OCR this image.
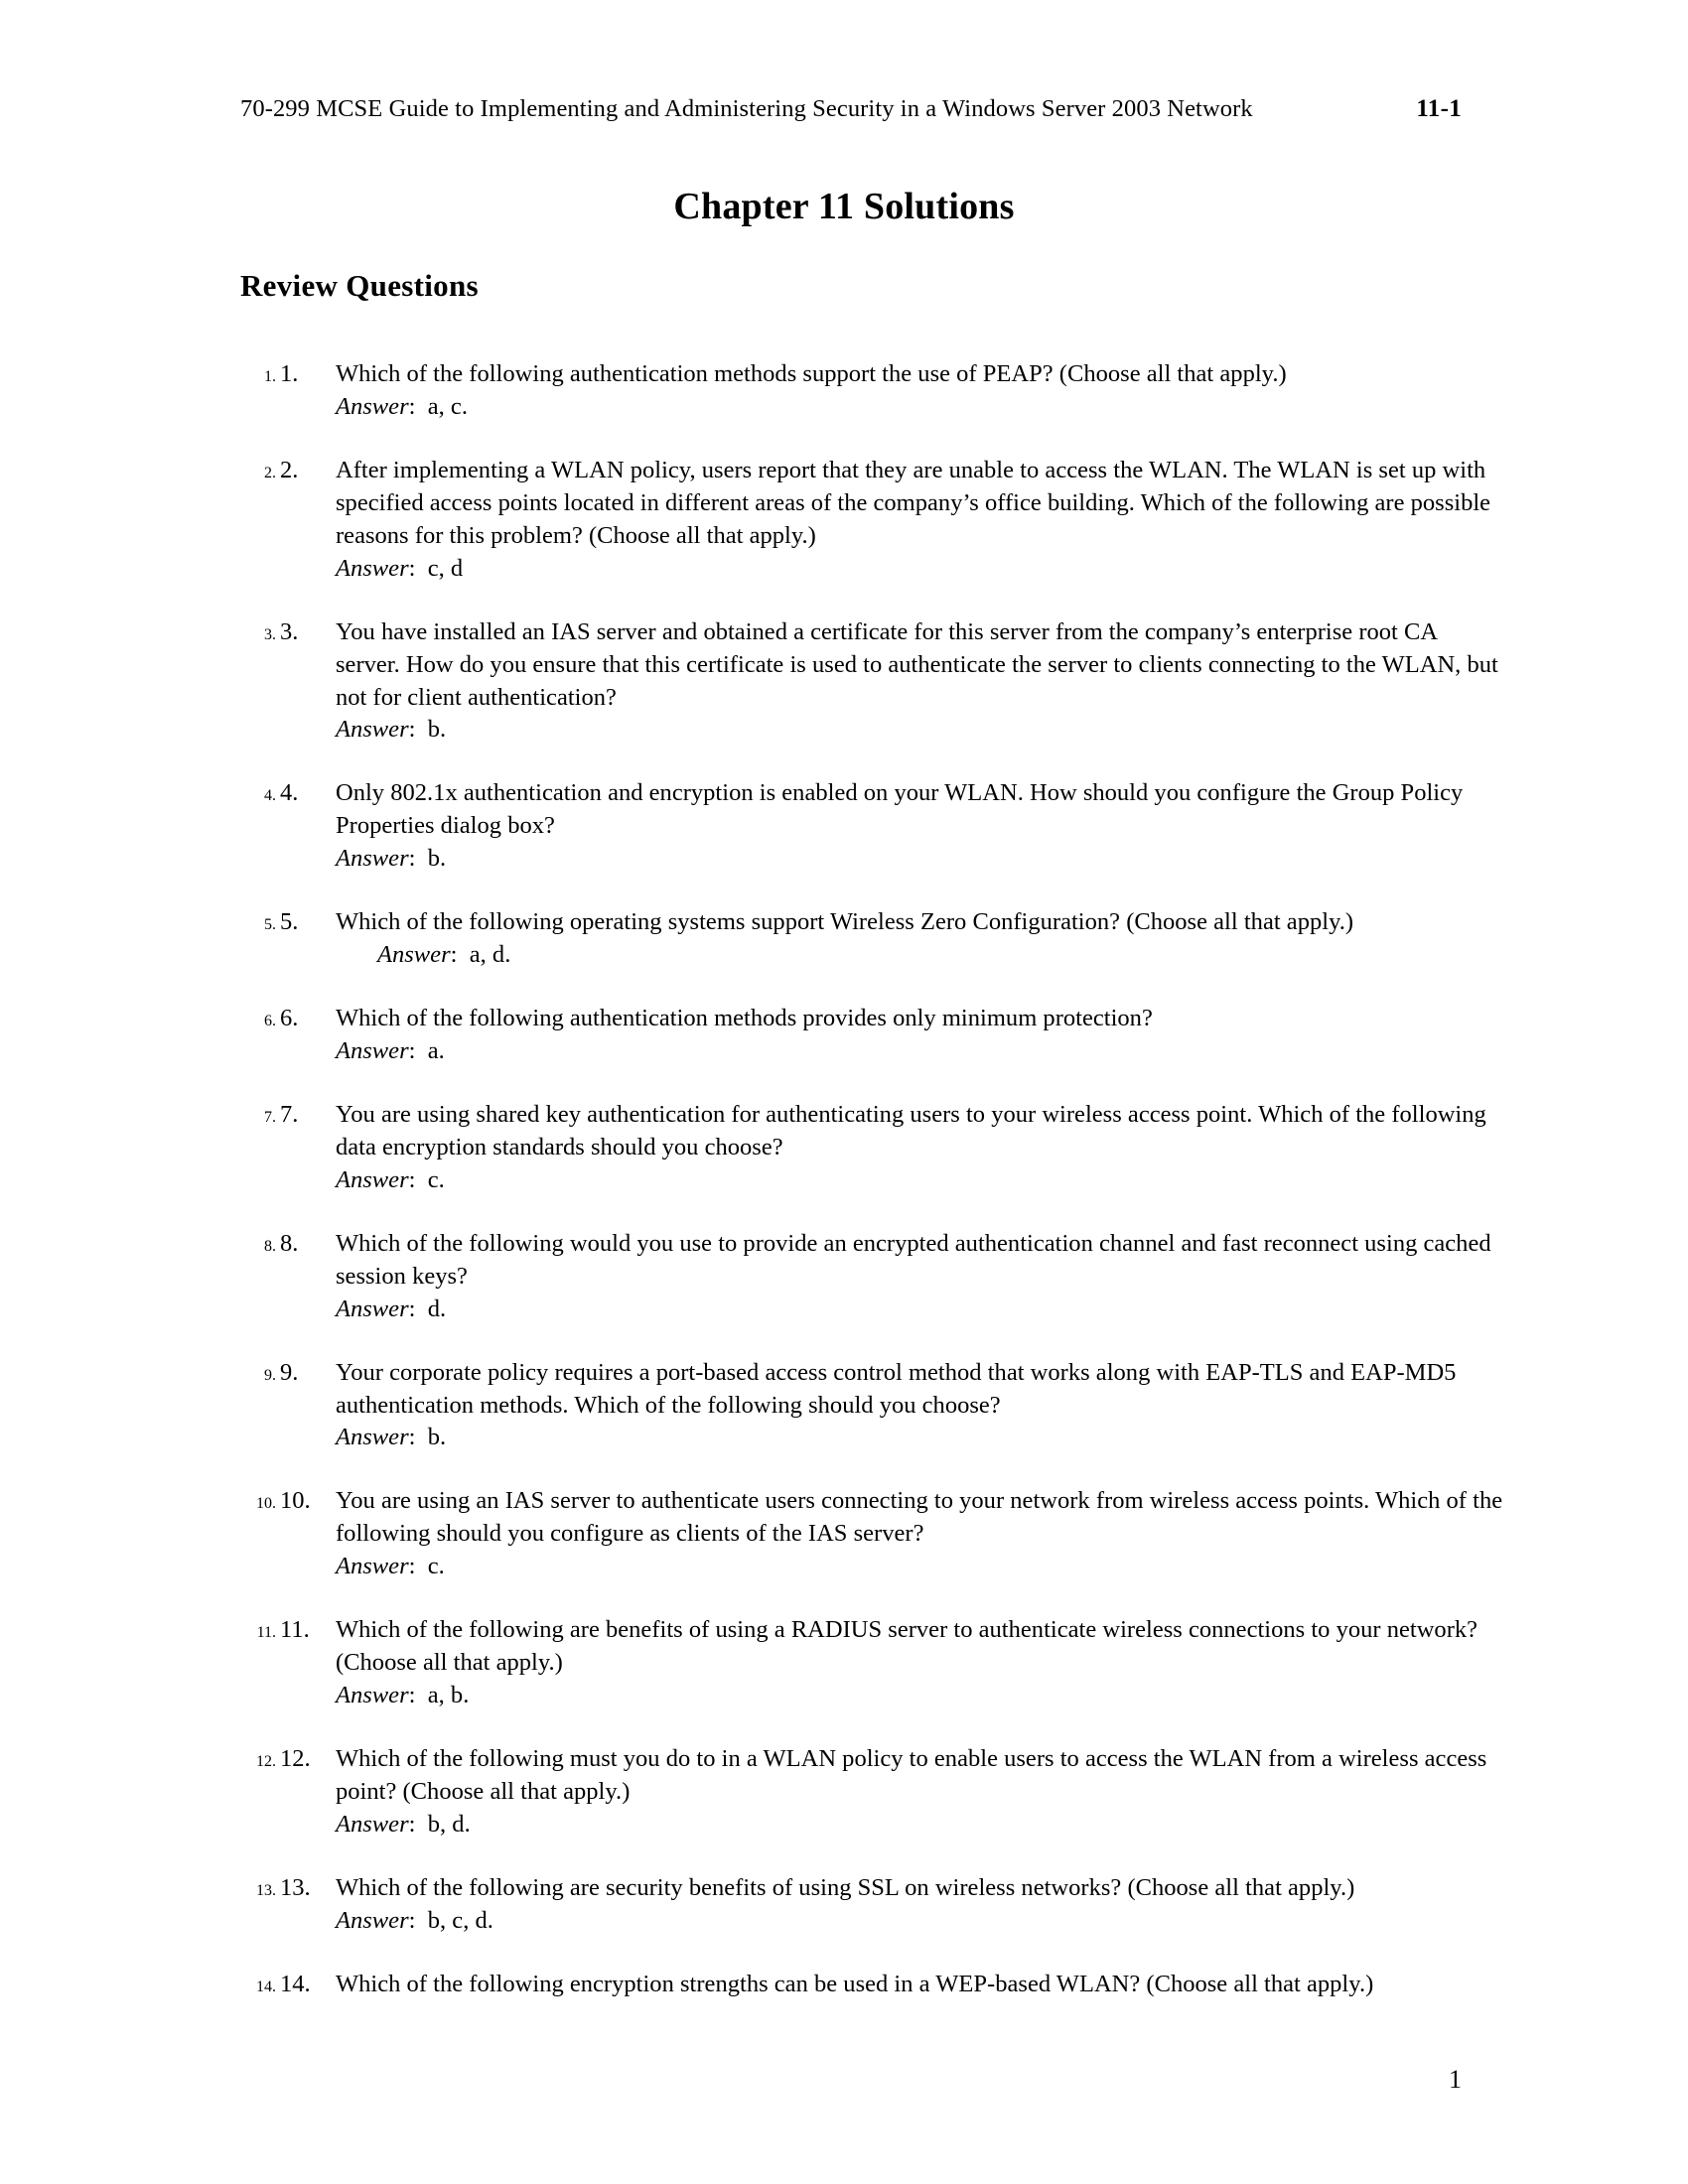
70-299 MCSE Guide to Implementing and Administering Security in a Windows Server 2003 Network	11-1
Chapter 11 Solutions
Review Questions
1. 1.	Which of the following authentication methods support the use of PEAP? (Choose all that apply.)
Answer:  a, c.
2. 2.	After implementing a WLAN policy, users report that they are unable to access the WLAN. The WLAN is set up with specified access points located in different areas of the company’s office building. Which of the following are possible reasons for this problem? (Choose all that apply.)
Answer:  c, d
3. 3.	You have installed an IAS server and obtained a certificate for this server from the company’s enterprise root CA server. How do you ensure that this certificate is used to authenticate the server to clients connecting to the WLAN, but not for client authentication?
Answer:  b.
4. 4.	Only 802.1x authentication and encryption is enabled on your WLAN. How should you configure the Group Policy Properties dialog box?
Answer:  b.
5. 5.	Which of the following operating systems support Wireless Zero Configuration? (Choose all that apply.)
Answer:  a, d.
6. 6.	Which of the following authentication methods provides only minimum protection?
Answer:  a.
7. 7.	You are using shared key authentication for authenticating users to your wireless access point. Which of the following data encryption standards should you choose?
Answer:  c.
8. 8.	Which of the following would you use to provide an encrypted authentication channel and fast reconnect using cached session keys?
Answer:  d.
9. 9.	Your corporate policy requires a port-based access control method that works along with EAP-TLS and EAP-MD5 authentication methods. Which of the following should you choose?
Answer:  b.
10. 10.	You are using an IAS server to authenticate users connecting to your network from wireless access points. Which of the following should you configure as clients of the IAS server?
Answer:  c.
11. 11.	Which of the following are benefits of using a RADIUS server to authenticate wireless connections to your network? (Choose all that apply.)
Answer:  a, b.
12. 12.	Which of the following must you do to in a WLAN policy to enable users to access the WLAN from a wireless access point? (Choose all that apply.)
Answer:  b, d.
13. 13.	Which of the following are security benefits of using SSL on wireless networks? (Choose all that apply.)
Answer:  b, c, d.
14. 14.	Which of the following encryption strengths can be used in a WEP-based WLAN? (Choose all that apply.)
1
